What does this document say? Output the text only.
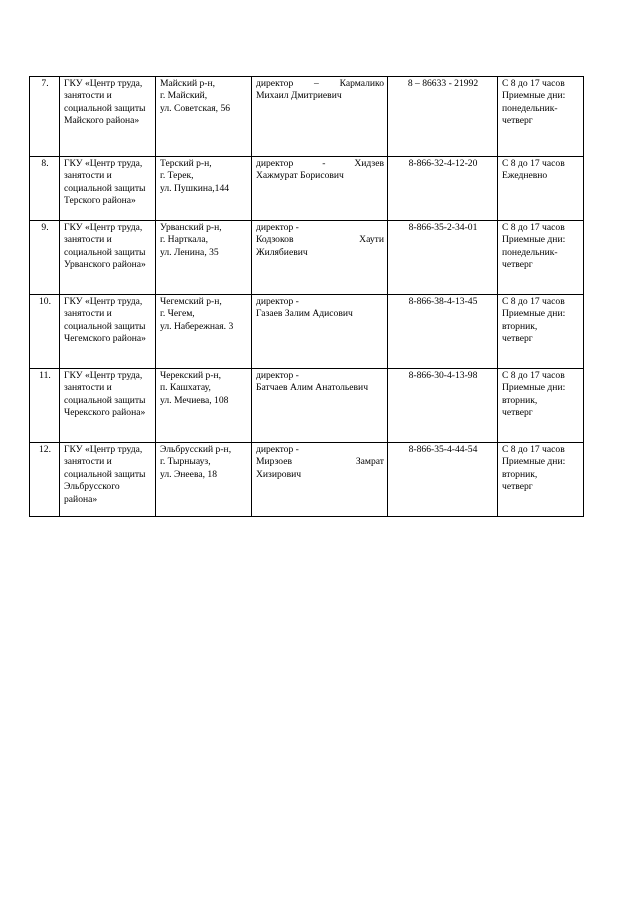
7.	ГКУ «Центр труда, занятости и социальной защиты Майского района»	Майский р-н,
г. Майский,
ул. Советская, 56	директор – Кармалико
Михаил Дмитриевич	8 – 86633 - 21992	С 8 до 17 часов
Приемные дни:
понедельник-
четверг

8.	ГКУ «Центр труда, занятости и социальной защиты Терского района»	Терский р-н,
г. Терек,
ул. Пушкина,144	директор - Хидзев
Хажмурат Борисович	8-866-32-4-12-20	С 8 до 17 часов
Ежедневно

9.	ГКУ «Центр труда, занятости и социальной защиты Урванского района»	Урванский р-н,
г. Нарткала,
ул. Ленина, 35	директор -
Кодзоков Хаути
Жилябиевич	8-866-35-2-34-01	С 8 до 17 часов
Приемные дни:
понедельник-
четверг

10.	ГКУ «Центр труда, занятости и социальной защиты Чегемского района»	Чегемский р-н,
г. Чегем,
ул. Набережная. 3	директор -
Газаев Залим Адисович	8-866-38-4-13-45	С 8 до 17 часов
Приемные дни:
вторник,
четверг

11.	ГКУ «Центр труда, занятости и социальной защиты Черекского района»	Черекский р-н,
п. Кашхатау,
ул. Мечиева, 108	директор -
Батчаев Алим Анатольевич	8-866-30-4-13-98	С 8 до 17 часов
Приемные дни:
вторник,
четверг

12.	ГКУ «Центр труда, занятости и социальной защиты Эльбрусского района»	Эльбрусский р-н,
г. Тырныауз,
ул. Энеева, 18	директор -
Мирзоев Замрат
Хизирович	8-866-35-4-44-54	С 8 до 17 часов
Приемные дни:
вторник,
четверг
